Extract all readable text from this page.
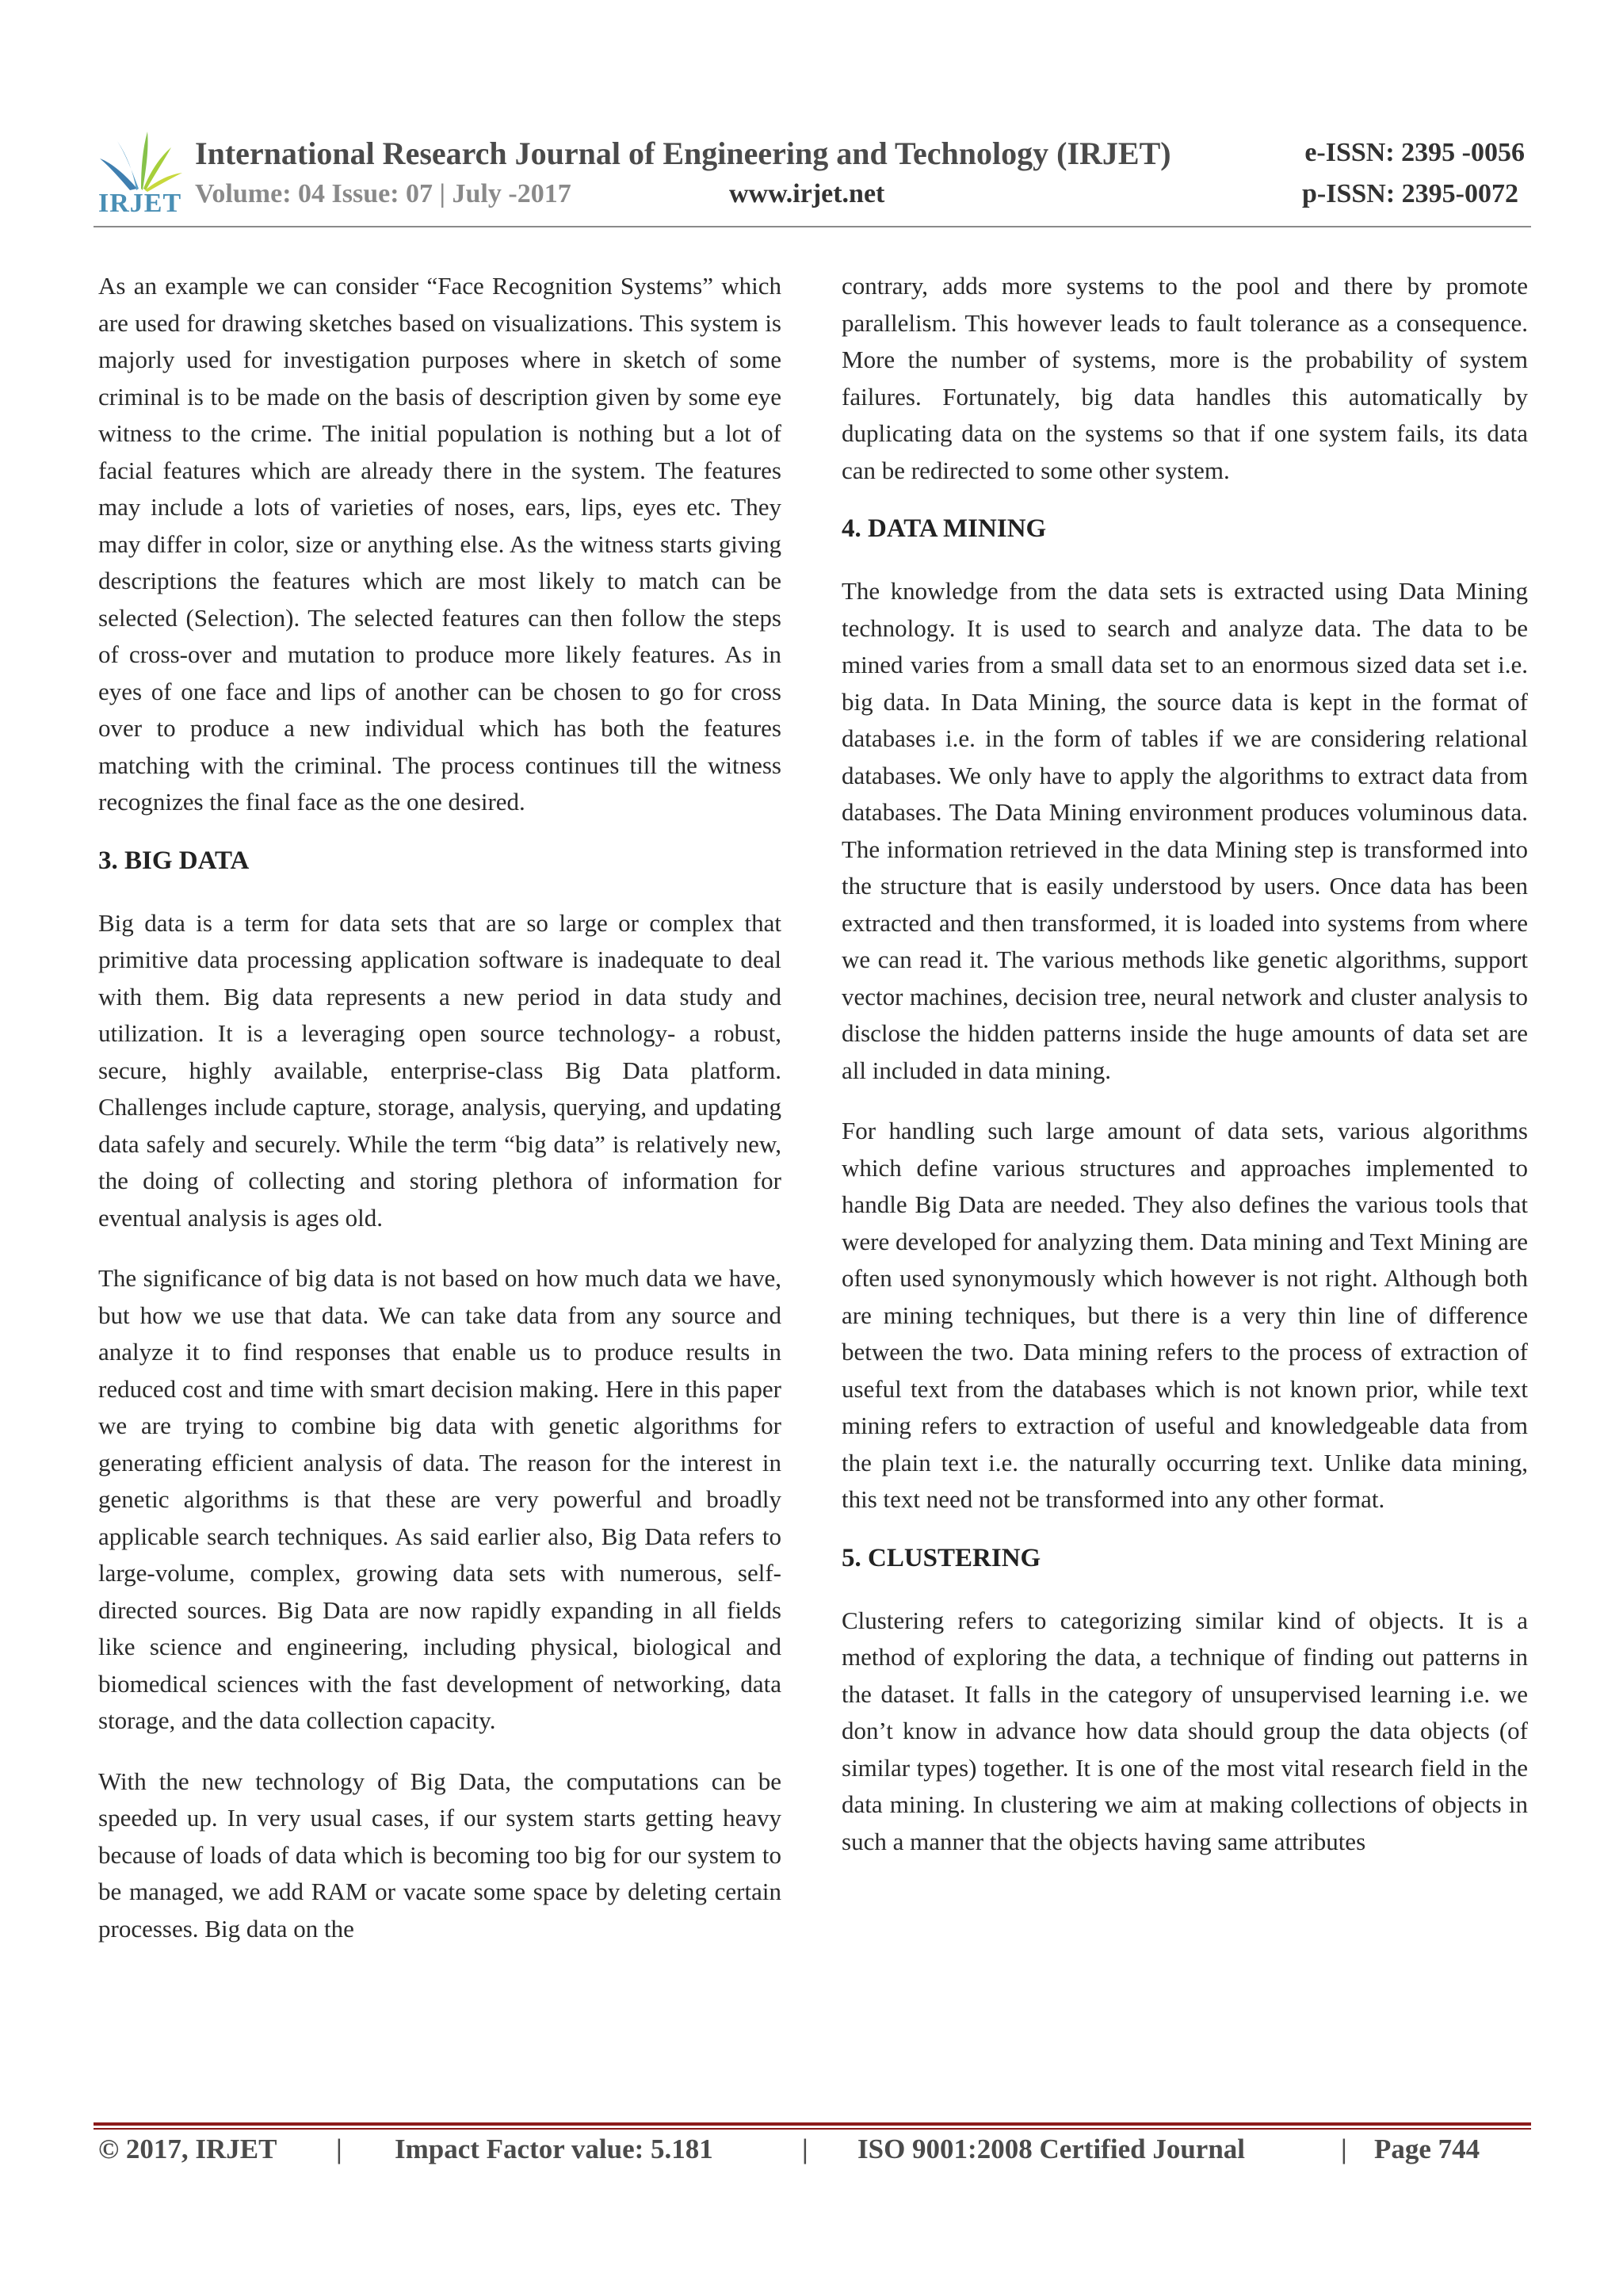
IRJET
International Research Journal of Engineering and Technology (IRJET)	e-ISSN: 2395 -0056
Volume: 04 Issue: 07 | July -2017	www.irjet.net	p-ISSN: 2395-0072

As an example we can consider “Face Recognition Systems” which are used for drawing sketches based on visualizations. This system is majorly used for investigation purposes where in sketch of some criminal is to be made on the basis of description given by some eye witness to the crime. The initial population is nothing but a lot of facial features which are already there in the system. The features may include a lots of varieties of noses, ears, lips, eyes etc. They may differ in color, size or anything else. As the witness starts giving descriptions the features which are most likely to match can be selected (Selection). The selected features can then follow the steps of cross-over and mutation to produce more likely features. As in eyes of one face and lips of another can be chosen to go for cross over to produce a new individual which has both the features matching with the criminal. The process continues till the witness recognizes the final face as the one desired.

3. BIG DATA

Big data is a term for data sets that are so large or complex that primitive data processing application software is inadequate to deal with them. Big data represents a new period in data study and utilization. It is a leveraging open source technology- a robust, secure, highly available, enterprise-class Big Data platform. Challenges include capture, storage, analysis, querying, and updating data safely and securely. While the term “big data” is relatively new, the doing of collecting and storing plethora of information for eventual analysis is ages old.

The significance of big data is not based on how much data we have, but how we use that data. We can take data from any source and analyze it to find responses that enable us to produce results in reduced cost and time with smart decision making. Here in this paper we are trying to combine big data with genetic algorithms for generating efficient analysis of data. The reason for the interest in genetic algorithms is that these are very powerful and broadly applicable search techniques. As said earlier also, Big Data refers to large-volume, complex, growing data sets with numerous, self-directed sources. Big Data are now rapidly expanding in all fields like science and engineering, including physical, biological and biomedical sciences with the fast development of networking, data storage, and the data collection capacity.

With the new technology of Big Data, the computations can be speeded up. In very usual cases, if our system starts getting heavy because of loads of data which is becoming too big for our system to be managed, we add RAM or vacate some space by deleting certain processes. Big data on the

contrary, adds more systems to the pool and there by promote parallelism. This however leads to fault tolerance as a consequence. More the number of systems, more is the probability of system failures. Fortunately, big data handles this automatically by duplicating data on the systems so that if one system fails, its data can be redirected to some other system.

4. DATA MINING

The knowledge from the data sets is extracted using Data Mining technology. It is used to search and analyze data. The data to be mined varies from a small data set to an enormous sized data set i.e. big data. In Data Mining, the source data is kept in the format of databases i.e. in the form of tables if we are considering relational databases. We only have to apply the algorithms to extract data from databases. The Data Mining environment produces voluminous data. The information retrieved in the data Mining step is transformed into the structure that is easily understood by users. Once data has been extracted and then transformed, it is loaded into systems from where we can read it. The various methods like genetic algorithms, support vector machines, decision tree, neural network and cluster analysis to disclose the hidden patterns inside the huge amounts of data set are all included in data mining.

For handling such large amount of data sets, various algorithms which define various structures and approaches implemented to handle Big Data are needed. They also defines the various tools that were developed for analyzing them. Data mining and Text Mining are often used synonymously which however is not right. Although both are mining techniques, but there is a very thin line of difference between the two. Data mining refers to the process of extraction of useful text from the databases which is not known prior, while text mining refers to extraction of useful and knowledgeable data from the plain text i.e. the naturally occurring text. Unlike data mining, this text need not be transformed into any other format.

5. CLUSTERING

Clustering refers to categorizing similar kind of objects. It is a method of exploring the data, a technique of finding out patterns in the dataset. It falls in the category of unsupervised learning i.e. we don’t know in advance how data should group the data objects (of similar types) together. It is one of the most vital research field in the data mining. In clustering we aim at making collections of objects in such a manner that the objects having same attributes

© 2017, IRJET | Impact Factor value: 5.181	| ISO 9001:2008 Certified Journal	| Page 744
